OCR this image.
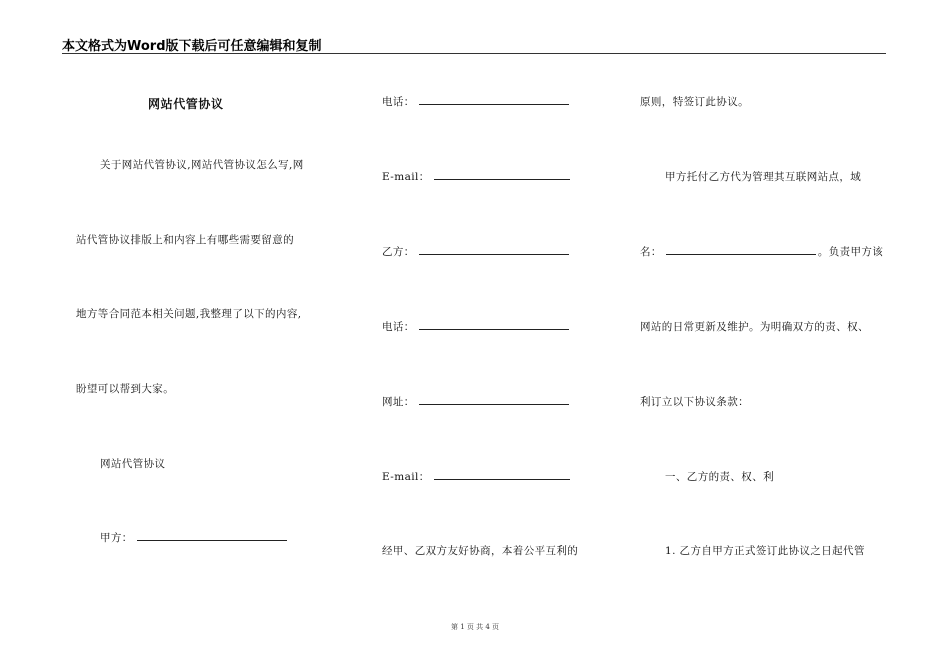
本文格式为Word版下载后可任意编辑和复制
网站代管协议
关于网站代管协议,网站代管协议怎么写,网
站代管协议排版上和内容上有哪些需要留意的
地方等合同范本相关问题,我整理了以下的内容,
盼望可以帮到大家。
网站代管协议
甲方：
电话：
E-mail：
乙方：
电话：
网址：
E-mail：
经甲、乙双方友好协商，本着公平互利的
原则，特签订此协议。
甲方托付乙方代为管理其互联网站点，域
名：	。负责甲方该
网站的日常更新及维护。为明确双方的责、权、
利订立以下协议条款：
一、乙方的责、权、利
1. 乙方自甲方正式签订此协议之日起代管
第 1 页 共 4 页
